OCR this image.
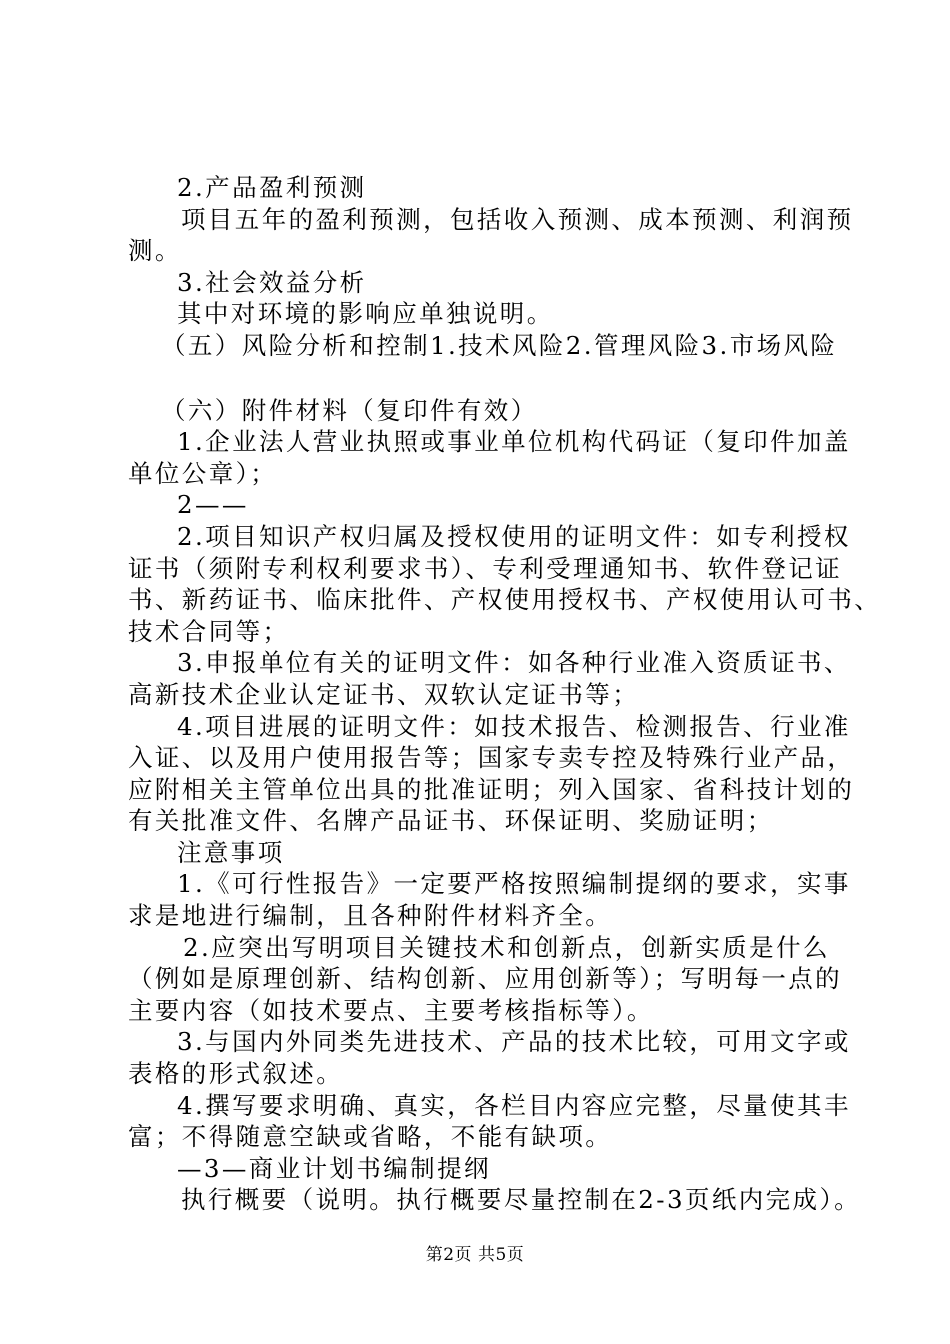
2.产品盈利预测

项目五年的盈利预测，包括收入预测、成本预测、利润预

测。

3.社会效益分析

其中对环境的影响应单独说明。

（五）风险分析和控制1.技术风险2.管理风险3.市场风险

（六）附件材料（复印件有效）

1.企业法人营业执照或事业单位机构代码证（复印件加盖

单位公章）；

2——

2.项目知识产权归属及授权使用的证明文件：如专利授权

证书（须附专利权利要求书）、专利受理通知书、软件登记证

书、新药证书、临床批件、产权使用授权书、产权使用认可书、

技术合同等；

3.申报单位有关的证明文件：如各种行业准入资质证书、

高新技术企业认定证书、双软认定证书等；

4.项目进展的证明文件：如技术报告、检测报告、行业准

入证、以及用户使用报告等；国家专卖专控及特殊行业产品，

应附相关主管单位出具的批准证明；列入国家、省科技计划的

有关批准文件、名牌产品证书、环保证明、奖励证明；

注意事项

1.《可行性报告》一定要严格按照编制提纲的要求，实事

求是地进行编制，且各种附件材料齐全。

2.应突出写明项目关键技术和创新点，创新实质是什么

（例如是原理创新、结构创新、应用创新等）；写明每一点的

主要内容（如技术要点、主要考核指标等）。

3.与国内外同类先进技术、产品的技术比较，可用文字或

表格的形式叙述。

4.撰写要求明确、真实，各栏目内容应完整，尽量使其丰

富；不得随意空缺或省略，不能有缺项。

—3—商业计划书编制提纲

执行概要（说明。执行概要尽量控制在2-3页纸内完成）。

第2页 共5页
